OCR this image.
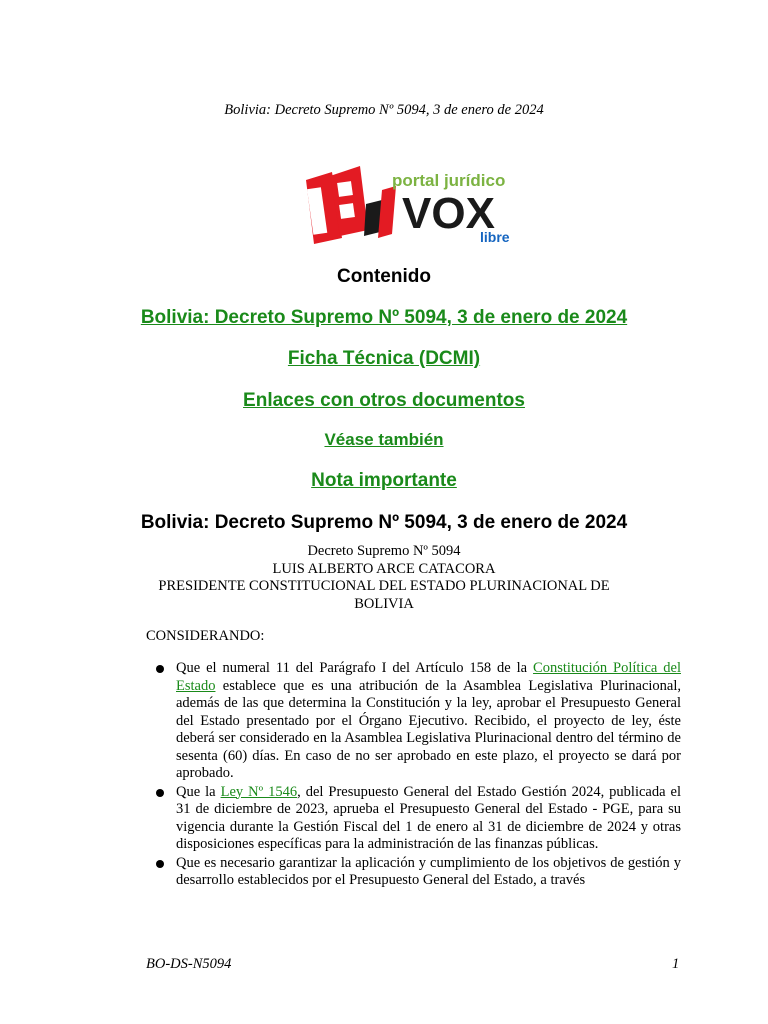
Bolivia: Decreto Supremo Nº 5094, 3 de enero de 2024
portal jurídico
VOX
libre
Contenido
Bolivia: Decreto Supremo Nº 5094, 3 de enero de 2024
Ficha Técnica (DCMI)
Enlaces con otros documentos
Véase también
Nota importante
Bolivia: Decreto Supremo Nº 5094, 3 de enero de 2024
Decreto Supremo Nº 5094
LUIS ALBERTO ARCE CATACORA
PRESIDENTE CONSTITUCIONAL DEL ESTADO PLURINACIONAL DE
BOLIVIA
CONSIDERANDO:
Que el numeral 11 del Parágrafo I del Artículo 158 de la Constitución Política del Estado establece que es una atribución de la Asamblea Legislativa Plurinacional, además de las que determina la Constitución y la ley, aprobar el Presupuesto General del Estado presentado por el Órgano Ejecutivo. Recibido, el proyecto de ley, éste deberá ser considerado en la Asamblea Legislativa Plurinacional dentro del término de sesenta (60) días. En caso de no ser aprobado en este plazo, el proyecto se dará por aprobado.
Que la Ley Nº 1546, del Presupuesto General del Estado Gestión 2024, publicada el 31 de diciembre de 2023, aprueba el Presupuesto General del Estado - PGE, para su vigencia durante la Gestión Fiscal del 1 de enero al 31 de diciembre de 2024 y otras disposiciones específicas para la administración de las finanzas públicas.
Que es necesario garantizar la aplicación y cumplimiento de los objetivos de gestión y desarrollo establecidos por el Presupuesto General del Estado, a través
BO-DS-N5094	1
